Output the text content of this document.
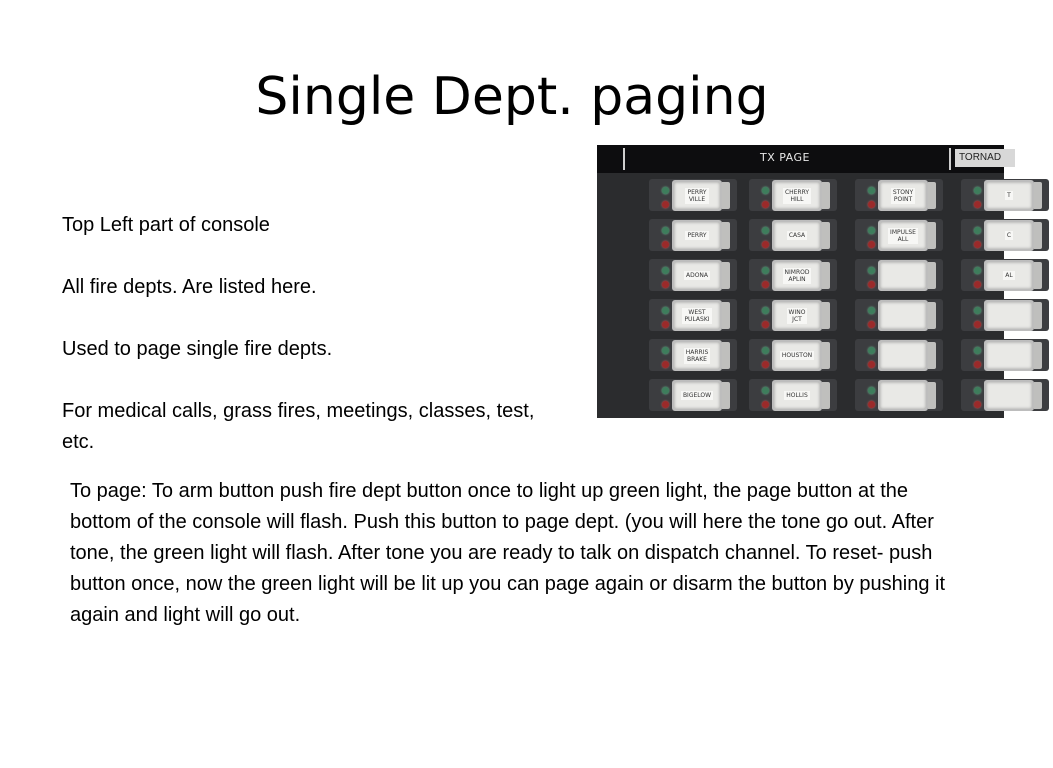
Single Dept. paging

Top Left part of console

All fire depts. Are listed here.

Used to page single fire depts.

For medical calls, grass fires, meetings, classes, test, etc.

TX PAGE	TORNAD
PERRY
VILLE
PERRY
ADONA
WEST
PULASKI
HARRIS
BRAKE
BIGELOW
CHERRY
HILL
CASA
NIMROD
APLIN
WINO
JCT
HOUSTON
HOLLIS
STONY
POINT
IMPULSE
ALL
T
C
AL
To page: To arm button push fire dept button once to light up green light, the page button at the bottom of the console will flash. Push this button to page dept. (you will here the tone go out. After tone, the green light will flash. After tone you are ready to talk on dispatch channel. To reset- push button once, now the green light will be lit up you can page again or disarm the button by pushing it again and light will go out.
